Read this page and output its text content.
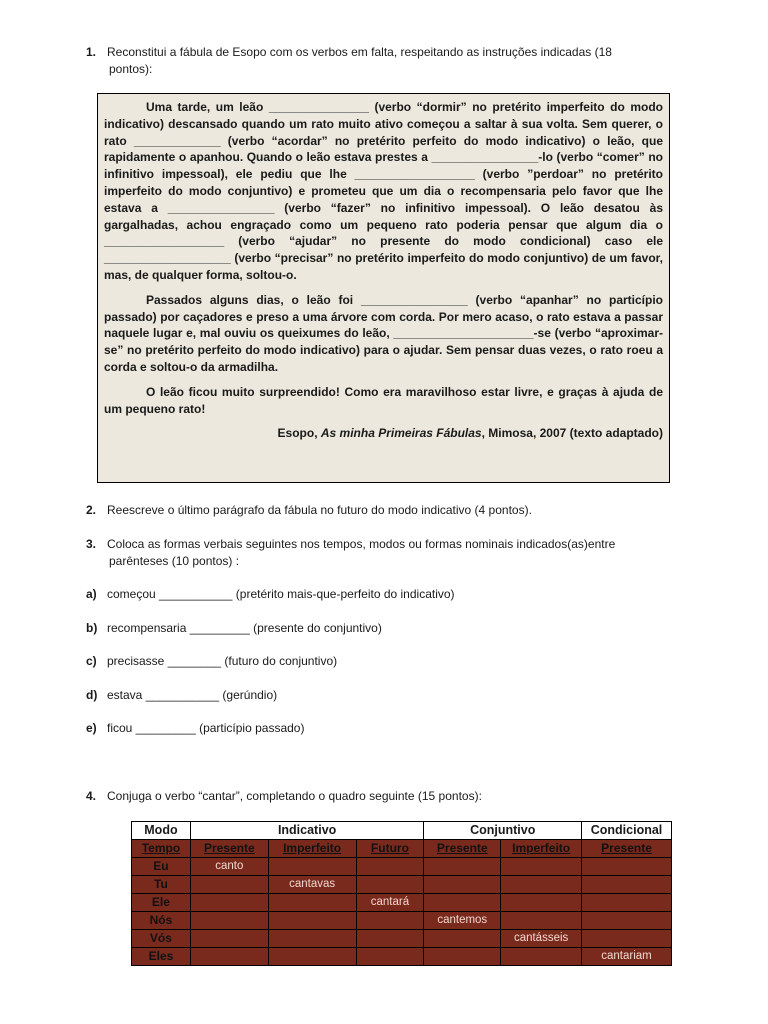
1. Reconstitui a fábula de Esopo com os verbos em falta, respeitando as instruções indicadas (18
pontos):

Uma tarde, um leão _______________ (verbo “dormir” no pretérito imperfeito do modo indicativo) descansado quando um rato muito ativo começou a saltar à sua volta. Sem querer, o rato _____________ (verbo “acordar” no pretérito perfeito do modo indicativo) o leão, que rapidamente o apanhou. Quando o leão estava prestes a ________________-lo (verbo “comer” no infinitivo impessoal), ele pediu que lhe __________________ (verbo ”perdoar” no pretérito imperfeito do modo conjuntivo) e prometeu que um dia o recompensaria pelo favor que lhe estava a ________________ (verbo “fazer” no infinitivo impessoal). O leão desatou às gargalhadas, achou engraçado como um pequeno rato poderia pensar que algum dia o __________________ (verbo “ajudar” no presente do modo condicional) caso ele ___________________ (verbo “precisar” no pretérito imperfeito do modo conjuntivo) de um favor, mas, de qualquer forma, soltou-o.

Passados alguns dias, o leão foi ________________ (verbo “apanhar” no particípio passado) por caçadores e preso a uma árvore com corda. Por mero acaso, o rato estava a passar naquele lugar e, mal ouviu os queixumes do leão, _____________________-se (verbo “aproximar-se” no pretérito perfeito do modo indicativo) para o ajudar. Sem pensar duas vezes, o rato roeu a corda e soltou-o da armadilha.

O leão ficou muito surpreendido! Como era maravilhoso estar livre, e graças à ajuda de um pequeno rato!

Esopo, As minha Primeiras Fábulas, Mimosa, 2007 (texto adaptado)

2. Reescreve o último parágrafo da fábula no futuro do modo indicativo (4 pontos).
3. Coloca as formas verbais seguintes nos tempos, modos ou formas nominais indicados(as)entre
parênteses (10 pontos) :
a) começou ___________ (pretérito mais-que-perfeito do indicativo)
b) recompensaria _________ (presente do conjuntivo)
c) precisasse ________ (futuro do conjuntivo)
d) estava ___________ (gerúndio)
e) ficou _________ (particípio passado)
4. Conjuga o verbo “cantar”, completando o quadro seguinte (15 pontos):
Modo	Indicativo			Conjuntivo		Condicional
Tempo	Presente	Imperfeito	Futuro	Presente	Imperfeito	Presente
Eu	canto					
Tu		cantavas				
Ele			cantará			
Nós				cantemos		
Vós					cantásseis	
Eles						cantariam
